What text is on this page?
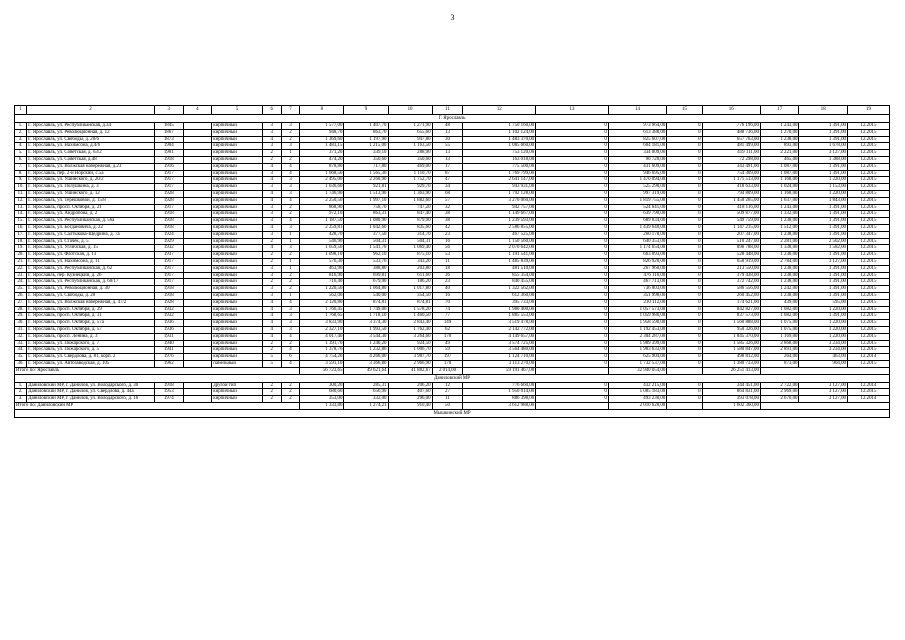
3
1	2	3	4	5	6	7	8	9	10	11	12	13	14	15	16	17	18	19
Г. Ярославль																		
1.	Г. Ярославль, ул. Республиканская, д.34	1845		кирпичный	3	3	1 577,00	1 407,70	1 271,90	48	1 750 160,00	0	973 964,00	0	776 196,00	1 243,00	1 391,00	12.2015
2.	Г. Ярославль, ул. Революционная, д. 12	1867		кирпичный	3	2	948,70	863,70	655,60	13	1 102 124,00	0	613 388,00	0	488 736,00	1 270,00	1 391,00	12.2015
3.	Г. Ярославль, ул. Свободы, д. 20/6	1873		кирпичный	4	2	1 369,60	1 197,90	947,80	30	1 483 370,00	0	825 607,00	0	657 763,00	1 238,00	1 391,00	12.2015
4.	Г. Ярославль, ул. Нахимсона, д.4/6	1904		кирпичный	3	3	1 483,15	1 215,00	1 163,50	55	1 085 660,00	0	604 181,00	0	481 499,00	893,00	1 678,00	12.2015
5.	Г. Ярославль, ул. Советская, д. 63/2	1901		кирпичный	2	1	371,20	339,10	288,90	13	753 120,00	0	334 009,00	0	419 111,00	2 221,00	3 127,00	12.2015
6.	Г. Ярославль, ул. Советская, д.48	1918		кирпичный	2	2	474,20	350,60	350,60	13	163 018,00	0	90 720,00	0	72 298,00	465,00	1 388,00	12.2015
7.	Г. Ярославль, ул. Волжская набережная, д.23	1916		кирпичный	4	4	878,80	717,80	469,00	17	775 500,00	0	431 609,00	0	343 491,00	1 087,00	1 391,00	12.2015
8.	Г. Ярославль, пер. 2-й Норский, с.5а	1917		кирпичный	3	4	1 668,50	1 565,30	1 110,70	87	1 769 799,00	0	946 695,00	0	754 309,00	1 087,00	1 391,00	12.2015
9.	Г. Ярославль, ул. Ушинского, д. 20/2	1917		кирпичный	4	3	2 495,00	2 260,90	1 752,70	47	2 641 147,00	0	1 470 094,00	0	1 171 513,00	1 168,00	1 220,00	12.2015
10.	Г. Ярославль, ул. Полушкина, д. 3	1917		кирпичный	3	3	1 036,60	921,81	929,70	34	943 931,00	0	525 298,00	0	418 633,00	1 024,00	1 153,00	12.2015
11.	Г. Ярославль, ул. Ушинского, д. 12	1928		кирпичный	4	3	1 746,90	1 513,90	1 363,90	68	1 792 128,00	0	997 319,00	0	794 809,00	1 168,00	1 220,00	12.2015
12.	Г. Ярославль, ул. Терешковой, д. 15/8	1928		кирпичный	4	4	2 250,50	1 997,10	1 882,60	57	3 270 060,00	0	1 819 755,00	0	1 450 265,00	1 637,00	1 843,00	12.2015
13.	Г. Ярославль, просп. Октября, д. 21	1917		кирпичный	3	2	868,90	758,70	747,20	32	942 757,00	0	524 641,00	0	418 116,00	1 243,00	1 391,00	12.2015
14.	Г. Ярославль, ул. Андропова, д. 2	1918		кирпичный	3	2	972,10	863,31	847,40	38	1 149 667,00	0	639 790,00	0	509 877,00	1 332,00	1 391,00	12.2015
15.	Г. Ярославль, ул. Республиканская, д. 56а	1918		кирпичный	3	4	1 187,50	1 080,90	879,90	38	1 239 593,00	0	689 834,00	0	549 759,00	1 238,00	1 391,00	12.2015
16.	Г. Ярославль, ул. Богдановича, д. 22	1918		кирпичный	4	3	2 259,81	1 042,60	835,60	42	2 586 855,00	0	1 439 640,00	0	1 147 215,00	1 512,00	1 391,00	12.2015
17.	Г. Ярославль, ул. Салтыкова-Щедрина, д. 7а	1924		кирпичный	3	1	428,70	377,50	314,70	23	467 525,00	0	260 178,00	0	207 347,00	1 238,00	1 391,00	12.2015
18.	Г. Ярославль, ул. Стачек, д. 5	1929		кирпичный	2	1	546,90	504,31	504,31	16	1 150 560,00	0	640 353,00	0	510 247,00	2 281,00	2 502,00	12.2015
19.	Г. Ярославль, ул. Угличская, д. 15	1932		кирпичный	4	3	1 659,50	1 541,70	1 069,40	56	2 070 642,00	0	1 174 654,00	0	896 788,00	1 338,00	1 582,00	12.2015
20.	Г. Ярославль, ул. Флотская, д. 13	1937		кирпичный	2	2	1 098,10	962,10	875,10	53	1 191 541,00	0	663 093,00	0	528 448,00	1 238,00	1 391,00	12.2015
21.	Г. Ярославль, ул. Нахимсона, д. 11	1917		кирпичный	2	1	576,30	533,70	343,20	11	1 485 839,00	0	826 920,00	0	658 919,00	2 784,00	3 127,00	12.2015
22.	Г. Ярославль, ул. Республиканская, д. 62	1917		кирпичный	3	1	463,90	388,80	203,80	18	481 510,00	0	267 960,00	0	213 550,00	1 238,00	1 391,00	12.2015
23.	Г. Ярославль, пер. Кузнецкий, д. 26	1917		кирпичный	3	2	816,90	699,81	611,60	36	855 354,00	0	476 116,00	0	379 438,00	1 238,00	1 391,00	12.2015
24.	Г. Ярославль, ул. Республиканская, д. 60/17	1917		кирпичный	2	2	716,40	679,90	186,20	23	840 455,00	0	467 713,00	0	372 742,00	1 238,00	1 391,00	12.2015
25.	Г. Ярославль, ул. Революционная, д. 30	1918		кирпичный	3	2	1 220,50	1 064,80	1 017,80	40	1 322 562,00	0	736 003,00	0	586 556,00	1 242,00	1 391,00	12.2015
26.	Г. Ярославль, ул. Свободы, д. 20	1918		кирпичный	3	1	562,00	540,00	354,50	16	612 360,00	0	351 998,00	0	260 452,00	1 238,00	1 391,00	12.2015
27.	Г. Ярославль, ул. Волжская набережная, д. 47/2	1928		кирпичный	4	4	2 120,80	874,81	874,81	70	395 733,00	0	210 112,00	0	174 621,00	439,00	595,00	12.2015
28.	Г. Ярославль, просп. Октября, д. 29	1932		кирпичный	4	3	1 766,45	1 749,00	1 578,20	74	1 980 400,00	0	1 057 573,00	0	842 827,00	1 082,00	1 220,00	12.2015
29.	Г. Ярославль, просп. Октября, д. 31	1932		кирпичный	4	3	1 768,65	1 718,10	1 460,50	77	1 885 553,00	0	1 059 980,00	0	837 573,00	1 082,00	1 391,00	12.2015
30.	Г. Ярославль, просп. Октября, д. 57а	1936		кирпичный	4	3	3 833,90	3 374,30	2 843,40	149	3 519 478,00	0	1 958 590,00	0	1 560 888,00	1 075,00	1 220,00	12.2015
31.	Г. Ярославль, просп. Октября, д. 57	1936		кирпичный	4	3	2 327,10	1 993,50	1 762,40	62	2 142 772,00	0	1 192 453,00	0	950 326,00	1 075,00	1 220,00	12.2015
32.	Г. Ярославль, просп. Ленина, д. 3	1931		кирпичный	4	4	4 017,40	3 544,30	3 264,60	170	4 149 657,00	0	2 304 287,00	0	1 845 370,00	1 169,00	1 220,00	12.2015
33.	Г. Ярославль, ул. Пожарского, д. 7	1940		кирпичный	2	2	1 391,70	1 246,20	924,50	49	3 574 725,00	0	1 989 399,00	0	1 585 326,00	2 868,00	3 234,00	12.2015
34.	Г. Ярославль, ул. Пожарского, д. 5	1941		кирпичный	2	4	1 378,70	1 232,80	1 006,70	59	3 564 480,00	0	1 983 633,00	0	1 580 847,00	2 891,00	3 234,00	12.2015
35.	Г. Ярославль, ул. Свердлова, д. 81, корп. 2	1976		кирпичный	5	6	4 754,20	4 266,00	3 987,70	197	1 124 710,00	0	625 904,00	0	498 812,00	264,00	463,00	12.2014
36.	Г. Ярославль, ул. Автозаводская, д. 105	1962		панельный	5	4	3 591,10	3 366,80	2 966,90	170	3 113 270,00	0	1 732 537,00	0	1 380 733,00	873,00	904,00	12.2015
Итого по: Ярославль							56 723,65	49 621,64	41 882,67	2 014,00	59 191 467,00		32 940 054,00		26 251 413,00			
Даниловский МР																		
1.	Даниловский МР, г. Данилов, ул. Володарского, д. 30	1918		другой тип	2	2	300,20	285,31	206,20	12	776 660,00	0	432 215,00	0	344 451,00	2 722,00	3 127,00	12.2014
2.	Даниловский МР, г. Данилов, ул. Свердлова, д. 44а	1953		кирпичный	2	2	680,60	656,90	407,60	27	1 950 014,00	0	1 085 183,00	0	864 831,00	2 969,00	3 127,00	12.2015
3.	Даниловский МР, г. Данилов, ул. Володарского, д. 16	1974		кирпичный	2	2	353,00	332,00	296,00	11	886 398,00	0	493 230,00	0	393 078,00	2 670,00	3 127,00	12.2014
Итого по: Даниловский МР							1 333,80	1 274,21	910,40	50	3 612 988,00		2 010 628,00		1 602 360,00			
Мышкинский МР																		
